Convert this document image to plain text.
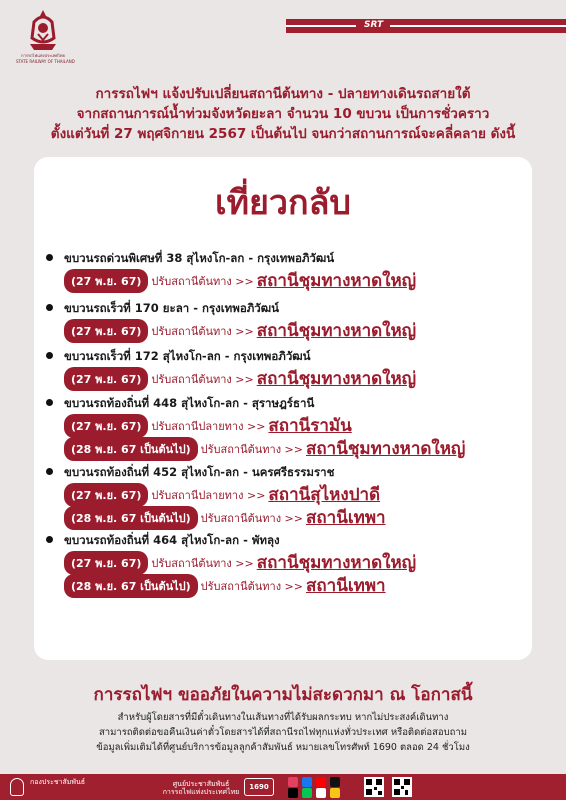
การรถไฟแห่งประเทศไทย
STATE RAILWAY OF THAILAND
SRT
การรถไฟฯ แจ้งปรับเปลี่ยนสถานีต้นทาง - ปลายทางเดินรถสายใต้
จากสถานการณ์น้ำท่วมจังหวัดยะลา จำนวน 10 ขบวน เป็นการชั่วคราว
ตั้งแต่วันที่ 27 พฤศจิกายน 2567 เป็นต้นไป จนกว่าสถานการณ์จะคลี่คลาย ดังนี้
เที่ยวกลับ
ขบวนรถด่วนพิเศษที่ 38 สุไหงโก-ลก - กรุงเทพอภิวัฒน์
(27 พ.ย. 67) ปรับสถานีต้นทาง >> สถานีชุมทางหาดใหญ่
ขบวนรถเร็วที่ 170 ยะลา - กรุงเทพอภิวัฒน์
(27 พ.ย. 67) ปรับสถานีต้นทาง >> สถานีชุมทางหาดใหญ่
ขบวนรถเร็วที่ 172 สุไหงโก-ลก - กรุงเทพอภิวัฒน์
(27 พ.ย. 67) ปรับสถานีต้นทาง >> สถานีชุมทางหาดใหญ่
ขบวนรถท้องถิ่นที่ 448 สุไหงโก-ลก - สุราษฎร์ธานี
(27 พ.ย. 67) ปรับสถานีปลายทาง >> สถานีรามัน
(28 พ.ย. 67 เป็นต้นไป) ปรับสถานีต้นทาง >> สถานีชุมทางหาดใหญ่
ขบวนรถท้องถิ่นที่ 452 สุไหงโก-ลก - นครศรีธรรมราช
(27 พ.ย. 67) ปรับสถานีปลายทาง >> สถานีสุไหงปาดี
(28 พ.ย. 67 เป็นต้นไป) ปรับสถานีต้นทาง >> สถานีเทพา
ขบวนรถท้องถิ่นที่ 464 สุไหงโก-ลก - พัทลุง
(27 พ.ย. 67) ปรับสถานีต้นทาง >> สถานีชุมทางหาดใหญ่
(28 พ.ย. 67 เป็นต้นไป) ปรับสถานีต้นทาง >> สถานีเทพา
การรถไฟฯ ขออภัยในความไม่สะดวกมา ณ โอกาสนี้
สำหรับผู้โดยสารที่มีตั๋วเดินทางในเส้นทางที่ได้รับผลกระทบ หากไม่ประสงค์เดินทาง
สามารถติดต่อขอคืนเงินค่าตั๋วโดยสารได้ที่สถานีรถไฟทุกแห่งทั่วประเทศ หรือติดต่อสอบถาม
ข้อมูลเพิ่มเติมได้ที่ศูนย์บริการข้อมูลลูกค้าสัมพันธ์ หมายเลขโทรศัพท์ 1690 ตลอด 24 ชั่วโมง
กองประชาสัมพันธ์	ศูนย์ประชาสัมพันธ์
การรถไฟแห่งประเทศไทย
1690
